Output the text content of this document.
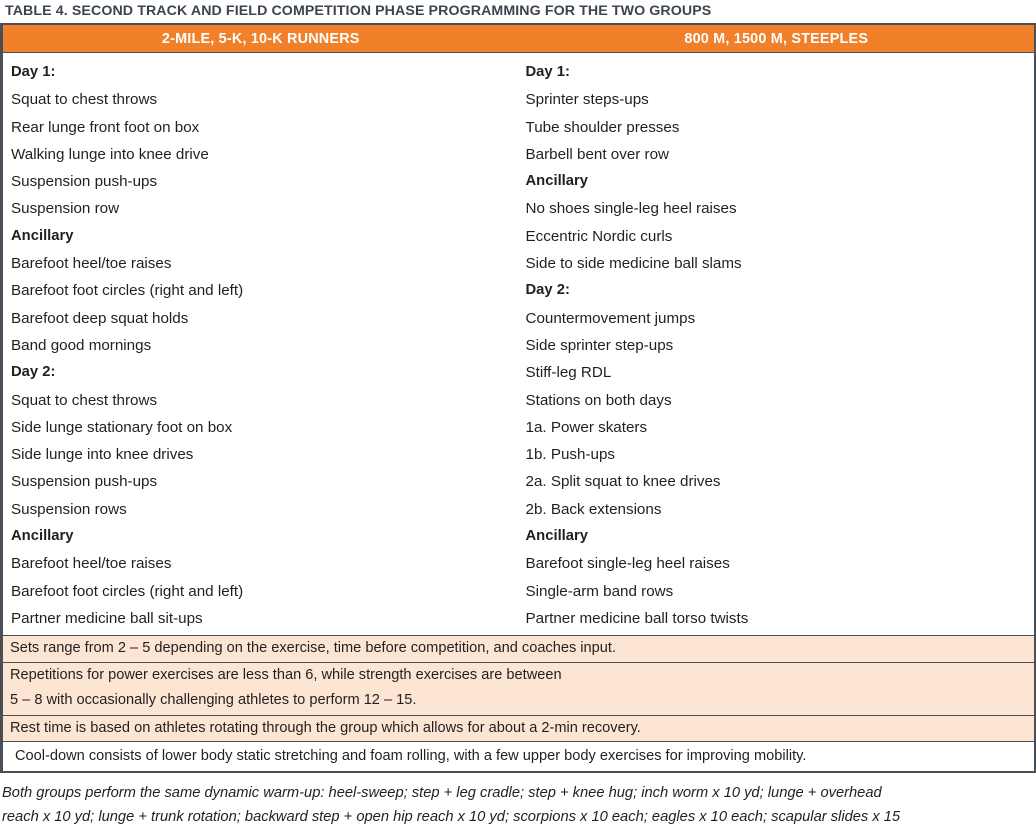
TABLE 4. SECOND TRACK AND FIELD COMPETITION PHASE PROGRAMMING FOR THE TWO GROUPS
2-MILE, 5-K, 10-K RUNNERS	800 M, 1500 M, STEEPLES
Day 1:
Squat to chest throws
Rear lunge front foot on box
Walking lunge into knee drive
Suspension push-ups
Suspension row
Ancillary
Barefoot heel/toe raises
Barefoot foot circles (right and left)
Barefoot deep squat holds
Band good mornings
Day 2:
Squat to chest throws
Side lunge stationary foot on box
Side lunge into knee drives
Suspension push-ups
Suspension rows
Ancillary
Barefoot heel/toe raises
Barefoot foot circles (right and left)
Partner medicine ball sit-ups
Day 1:
Sprinter steps-ups
Tube shoulder presses
Barbell bent over row
Ancillary
No shoes single-leg heel raises
Eccentric Nordic curls
Side to side medicine ball slams
Day 2:
Countermovement jumps
Side sprinter step-ups
Stiff-leg RDL
Stations on both days
1a. Power skaters
1b. Push-ups
2a. Split squat to knee drives
2b. Back extensions
Ancillary
Barefoot single-leg heel raises
Single-arm band rows
Partner medicine ball torso twists
Sets range from 2 – 5 depending on the exercise, time before competition, and coaches input.
Repetitions for power exercises are less than 6, while strength exercises are between
5 – 8 with occasionally challenging athletes to perform 12 – 15.
Rest time is based on athletes rotating through the group which allows for about a 2-min recovery.
Cool-down consists of lower body static stretching and foam rolling, with a few upper body exercises for improving mobility.
Both groups perform the same dynamic warm-up: heel-sweep; step + leg cradle; step + knee hug; inch worm x 10 yd; lunge + overhead
reach x 10 yd; lunge + trunk rotation; backward step + open hip reach x 10 yd; scorpions x 10 each; eagles x 10 each; scapular slides x 15
